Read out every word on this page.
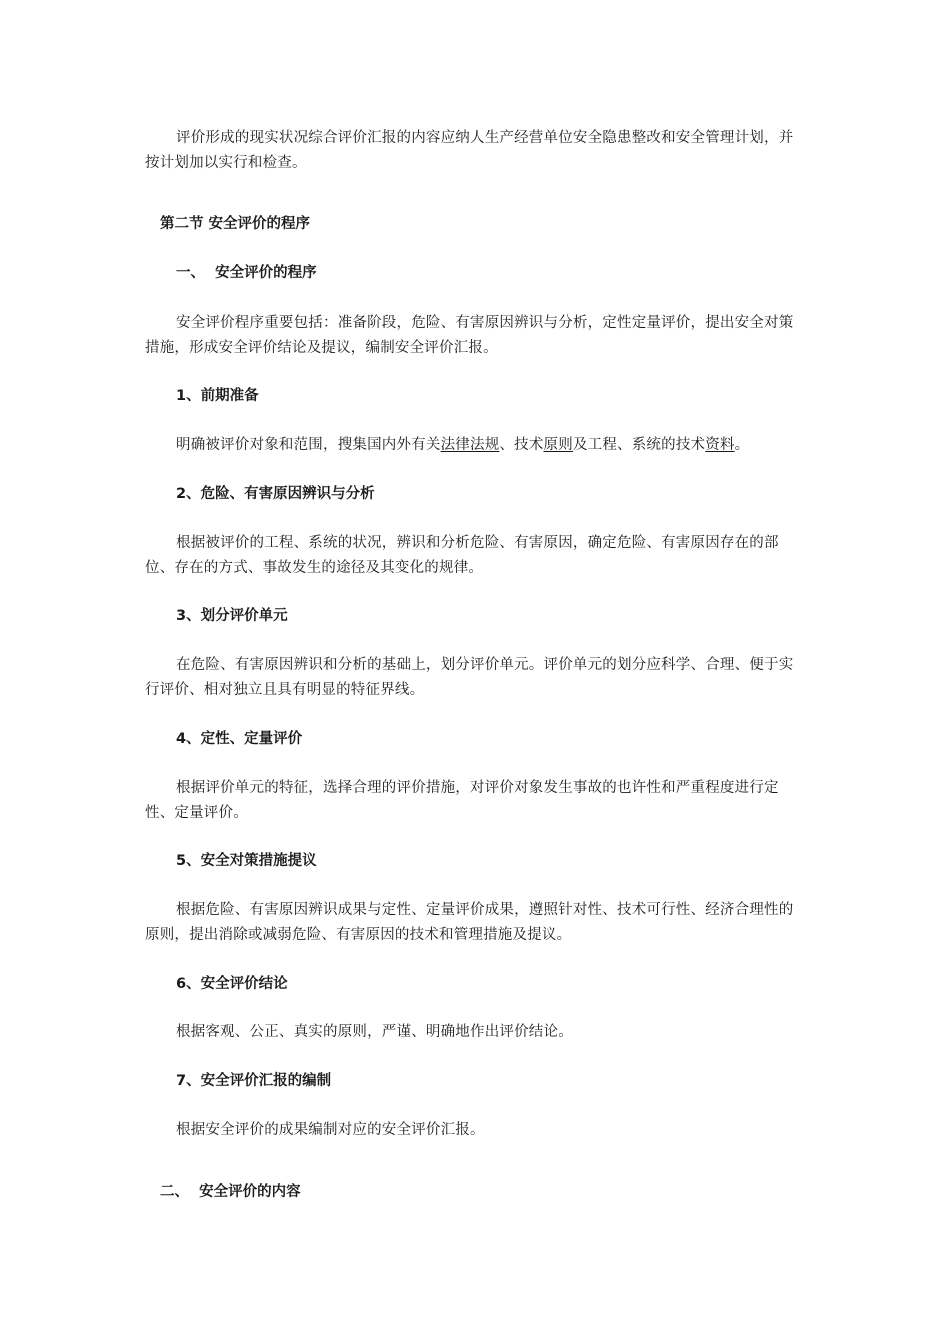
评价形成的现实状况综合评价汇报的内容应纳人生产经营单位安全隐患整改和安全管理计划，并按计划加以实行和检查。

第二节 安全评价的程序
一、  安全评价的程序

安全评价程序重要包括：准备阶段，危险、有害原因辨识与分析，定性定量评价，提出安全对策措施，形成安全评价结论及提议，编制安全评价汇报。

1、前期准备

明确被评价对象和范围，搜集国内外有关法律法规、技术原则及工程、系统的技术资料。

2、危险、有害原因辨识与分析

根据被评价的工程、系统的状况，辨识和分析危险、有害原因，确定危险、有害原因存在的部位、存在的方式、事故发生的途径及其变化的规律。

3、划分评价单元

在危险、有害原因辨识和分析的基础上，划分评价单元。评价单元的划分应科学、合理、便于实行评价、相对独立且具有明显的特征界线。

4、定性、定量评价

根据评价单元的特征，选择合理的评价措施，对评价对象发生事故的也许性和严重程度进行定性、定量评价。

5、安全对策措施提议

根据危险、有害原因辨识成果与定性、定量评价成果，遵照针对性、技术可行性、经济合理性的原则，提出消除或减弱危险、有害原因的技术和管理措施及提议。

6、安全评价结论

根据客观、公正、真实的原则，严谨、明确地作出评价结论。

7、安全评价汇报的编制

根据安全评价的成果编制对应的安全评价汇报。

二、  安全评价的内容
